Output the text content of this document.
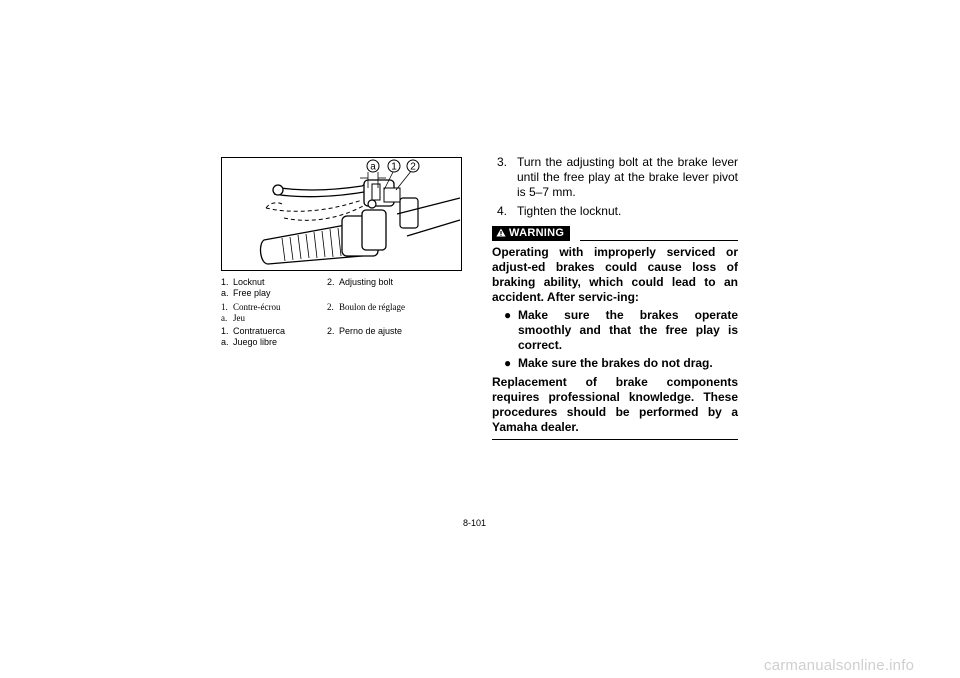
a 1 2
1. Locknut	2. Adjusting bolt
a. Free play
1. Contre-écrou	2. Boulon de réglage
a. Jeu
1. Contratuerca	2. Perno de ajuste
a. Juego libre
3. Turn the adjusting bolt at the brake lever until the free play at the brake lever pivot is 5–7 mm.
4. Tighten the locknut.
WARNING
Operating with improperly serviced or adjust-ed brakes could cause loss of braking ability, which could lead to an accident. After servic-ing:
● Make sure the brakes operate smoothly and that the free play is correct.
● Make sure the brakes do not drag.
Replacement of brake components requires professional knowledge. These procedures should be performed by a Yamaha dealer.
8-101
carmanualsonline.info
